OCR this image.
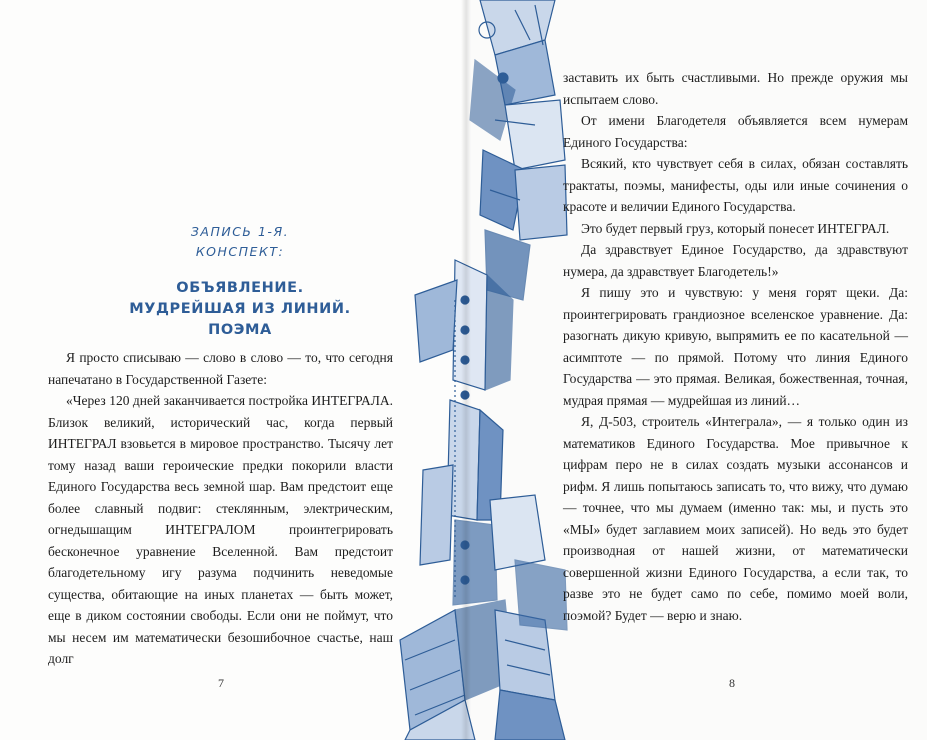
ЗАПИСЬ 1-Я.

КОНСПЕКТ:

ОБЪЯВЛЕНИЕ.

МУДРЕЙШАЯ ИЗ ЛИНИЙ.

ПОЭМА

Я просто списываю — слово в слово — то, что сегодня напечатано в Государственной Газете:

«Через 120 дней заканчивается постройка ИНТЕГРАЛА. Близок великий, исторический час, когда первый ИНТЕГРАЛ взовьется в мировое пространство. Тысячу лет тому назад ваши героические предки покорили власти Единого Государства весь земной шар. Вам предстоит еще более славный подвиг: стеклянным, электрическим, огнедышащим ИНТЕГРАЛОМ проинтегрировать бесконечное уравнение Вселенной. Вам предстоит благодетельному игу разума подчинить неведомые существа, обитающие на иных планетах — быть может, еще в диком состоянии свободы. Если они не поймут, что мы несем им математически безошибочное счастье, наш долг

7

заставить их быть счастливыми. Но прежде оружия мы испытаем слово.

От имени Благодетеля объявляется всем нумерам Единого Государства:

Всякий, кто чувствует себя в силах, обязан составлять трактаты, поэмы, манифесты, оды или иные сочинения о красоте и величии Единого Государства.

Это будет первый груз, который понесет ИНТЕГРАЛ.

Да здравствует Единое Государство, да здравствуют нумера, да здравствует Благодетель!»

Я пишу это и чувствую: у меня горят щеки. Да: проинтегрировать грандиозное вселенское уравнение. Да: разогнать дикую кривую, выпрямить ее по касательной — асимптоте — по прямой. Потому что линия Единого Государства — это прямая. Великая, божественная, точная, мудрая прямая — мудрейшая из линий…

Я, Д-503, строитель «Интеграла», — я только один из математиков Единого Государства. Мое привычное к цифрам перо не в силах создать музыки ассонансов и рифм. Я лишь попытаюсь записать то, что вижу, что думаю — точнее, что мы думаем (именно так: мы, и пусть это «МЫ» будет заглавием моих записей). Но ведь это будет производная от нашей жизни, от математически совершенной жизни Единого Государства, а если так, то разве это не будет само по себе, помимо моей воли, поэмой? Будет — верю и знаю.

8
